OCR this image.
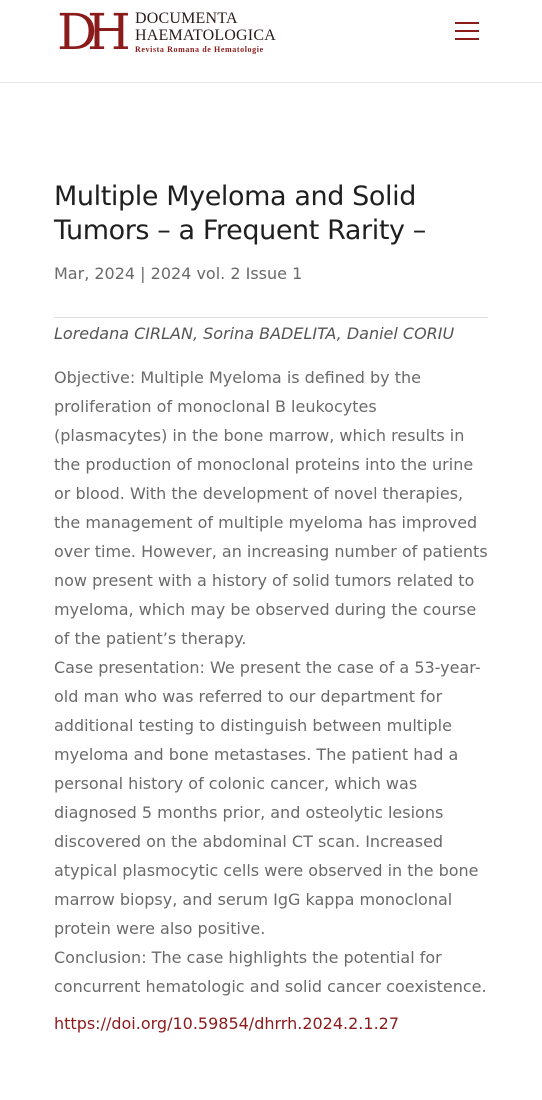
DH DOCUMENTA
HAEMATOLOGICA
Revista Romana de Hematologie
Multiple Myeloma and Solid Tumors – a Frequent Rarity –
Mar, 2024 | 2024 vol. 2 Issue 1
Loredana CIRLAN, Sorina BADELITA, Daniel CORIU

Objective: Multiple Myeloma is defined by the proliferation of monoclonal B leukocytes (plasmacytes) in the bone marrow, which results in the production of monoclonal proteins into the urine or blood. With the development of novel therapies, the management of multiple myeloma has improved over time. However, an increasing number of patients now present with a history of solid tumors related to myeloma, which may be observed during the course of the patient’s therapy.

Case presentation: We present the case of a 53-year-old man who was referred to our department for additional testing to distinguish between multiple myeloma and bone metastases. The patient had a personal history of colonic cancer, which was diagnosed 5 months prior, and osteolytic lesions discovered on the abdominal CT scan. Increased atypical plasmocytic cells were observed in the bone marrow biopsy, and serum IgG kappa monoclonal protein were also positive.

Conclusion: The case highlights the potential for concurrent hematologic and solid cancer coexistence.

https://doi.org/10.59854/dhrrh.2024.2.1.27
